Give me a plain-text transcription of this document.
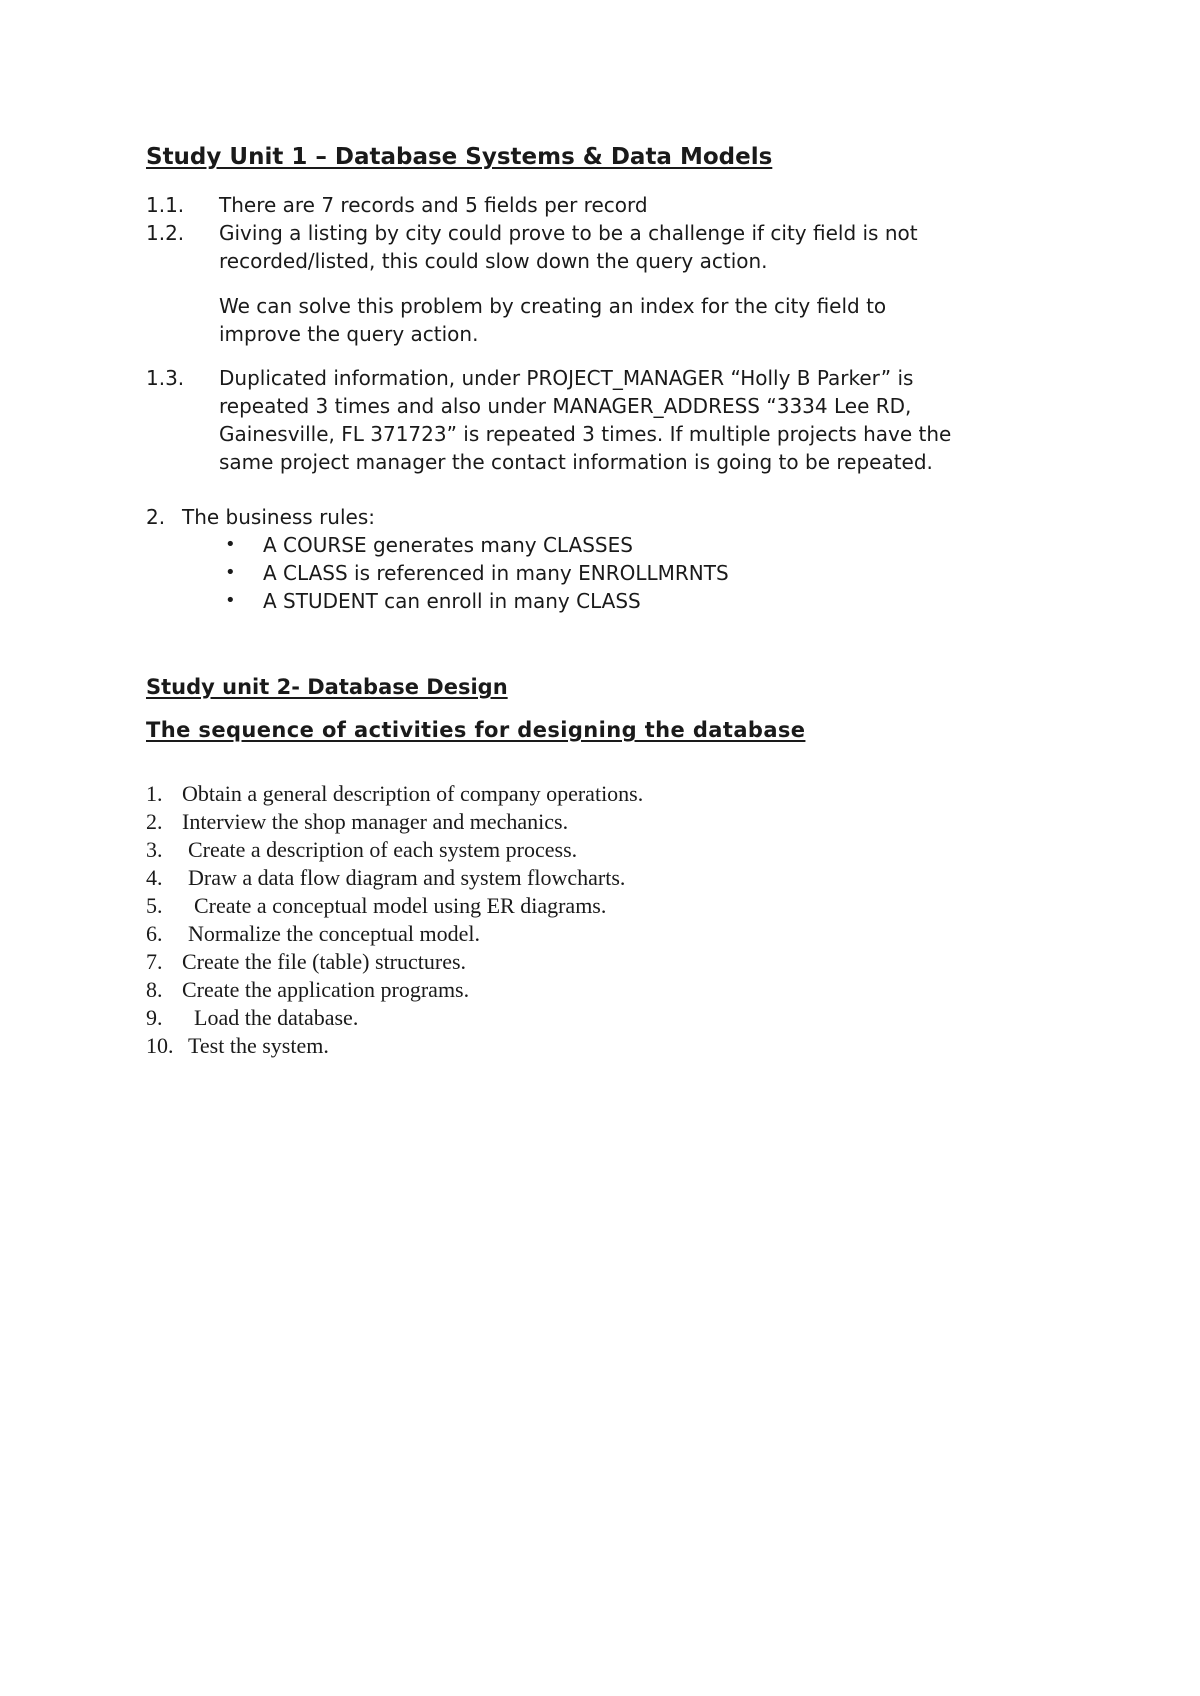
Study Unit 1 – Database Systems & Data Models
1.1. There are 7 records and 5 fields per record
1.2. Giving a listing by city could prove to be a challenge if city field is not
recorded/listed, this could slow down the query action.
We can solve this problem by creating an index for the city field to
improve the query action.
1.3. Duplicated information, under PROJECT_MANAGER “Holly B Parker” is
repeated 3 times and also under MANAGER_ADDRESS “3334 Lee RD,
Gainesville, FL 371723” is repeated 3 times. If multiple projects have the
same project manager the contact information is going to be repeated.
2. The business rules:
• A COURSE generates many CLASSES
• A CLASS is referenced in many ENROLLMRNTS
• A STUDENT can enroll in many CLASS
Study unit 2- Database Design
The sequence of activities for designing the database
1. Obtain a general description of company operations.
2. Interview the shop manager and mechanics.
3. Create a description of each system process.
4. Draw a data flow diagram and system flowcharts.
5. Create a conceptual model using ER diagrams.
6. Normalize the conceptual model.
7. Create the file (table) structures.
8. Create the application programs.
9. Load the database.
10. Test the system.
